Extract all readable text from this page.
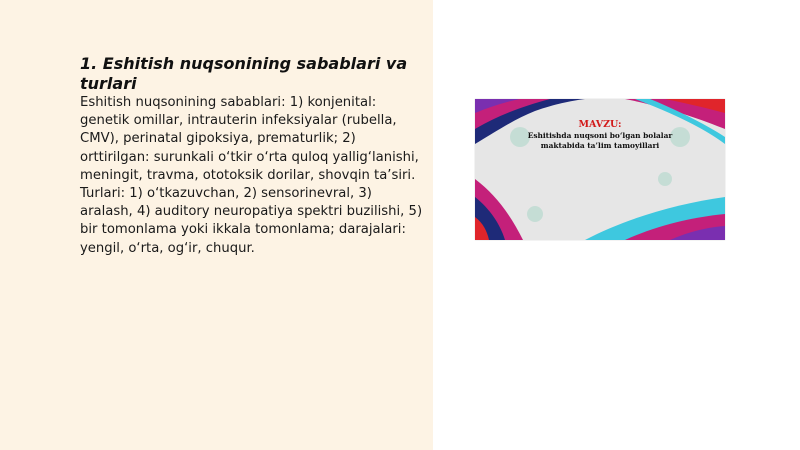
1. Eshitish nuqsonining sabablari va turlari

Eshitish nuqsonining sabablari: 1) konjenital: genetik omillar, intrauterin infeksiyalar (rubella, CMV), perinatal gipoksiya, prematurlik; 2) orttirilgan: surunkali o‘tkir o‘rta quloq yallig‘lanishi, meningit, travma, ototoksik dorilar, shovqin ta’siri. Turlari: 1) o‘tkazuvchan, 2) sensorinevral, 3) aralash, 4) auditory neuropatiya spektri buzilishi, 5) bir tomonlama yoki ikkala tomonlama; darajalari: yengil, o‘rta, og‘ir, chuqur.

MAVZU:
Eshitishda nuqsoni bo‘lgan bolalar maktabida ta’lim tamoyillari
